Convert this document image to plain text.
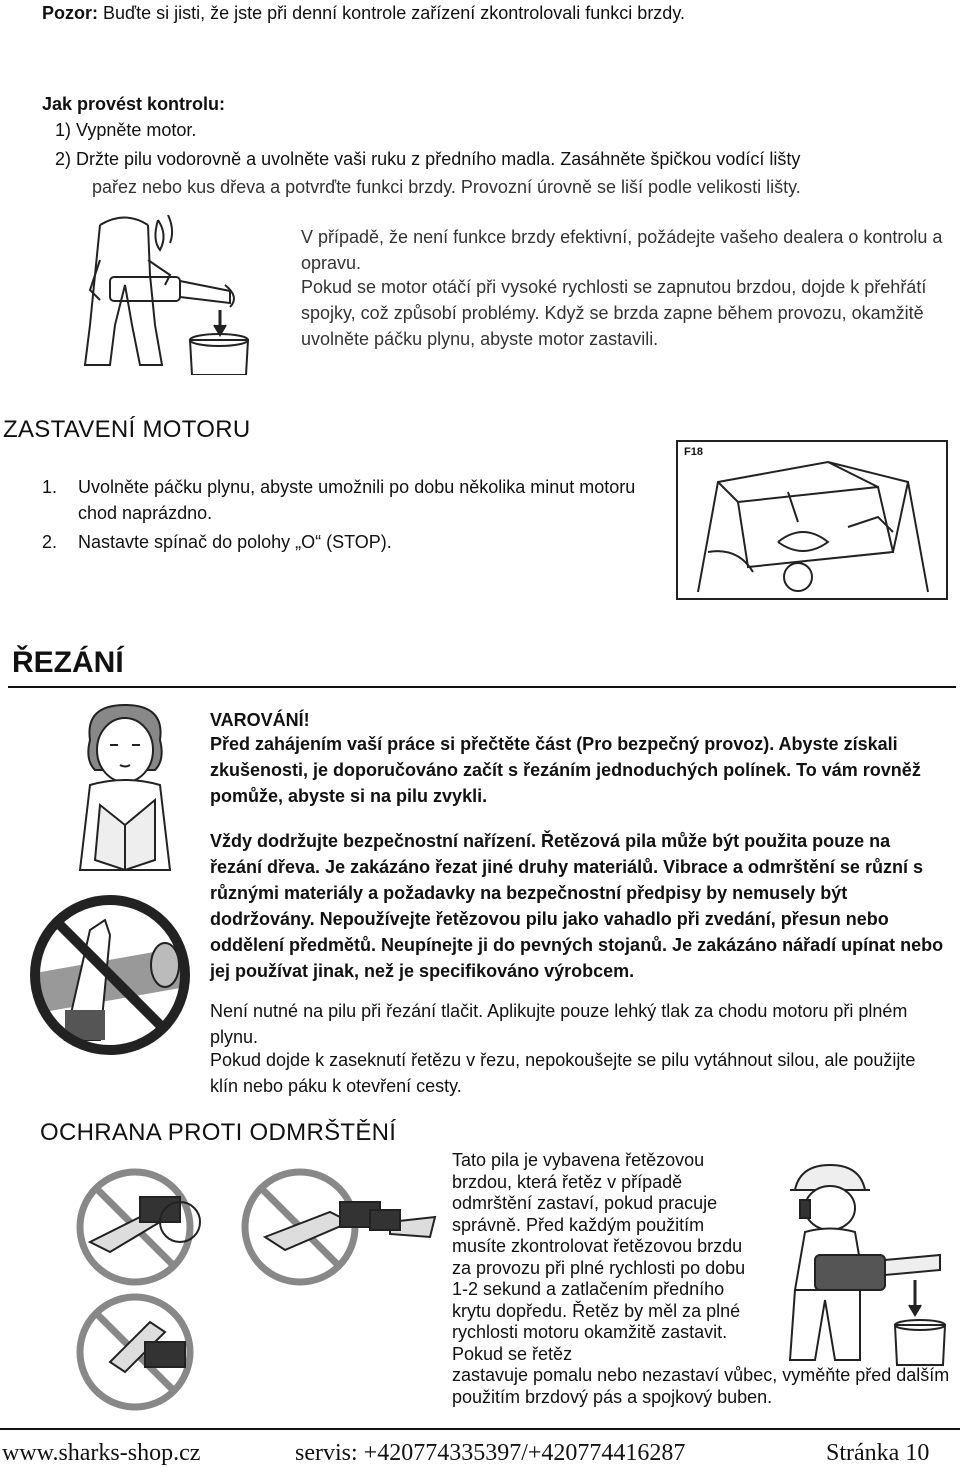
Pozor: Buďte si jisti, že jste při denní kontrole zařízení zkontrolovali funkci brzdy.
Jak provést kontrolu:
1) Vypněte motor.
2) Držte pilu vodorovně a uvolněte vaši ruku z předního madla. Zasáhněte špičkou vodící lišty
pařez nebo kus dřeva a potvrďte funkci brzdy. Provozní úrovně se liší podle velikosti lišty.
V případě, že není funkce brzdy efektivní, požádejte vašeho dealera o kontrolu a opravu.
Pokud se motor otáčí při vysoké rychlosti se zapnutou brzdou, dojde k přehřátí spojky, což způsobí problémy. Když se brzda zapne během provozu, okamžitě uvolněte páčku plynu, abyste motor zastavili.
ZASTAVENÍ MOTORU
1. Uvolněte páčku plynu, abyste umožnili po dobu několika minut motoru chod naprázdno.
2. Nastavte spínač do polohy „O“ (STOP).
F18
ŘEZÁNÍ
VAROVÁNÍ!

Před zahájením vaší práce si přečtěte část (Pro bezpečný provoz). Abyste získali zkušenosti, je doporučováno začít s řezáním jednoduchých polínek. To vám rovněž pomůže, abyste si na pilu zvykli.

Vždy dodržujte bezpečnostní nařízení. Řetězová pila může být použita pouze na řezání dřeva. Je zakázáno řezat jiné druhy materiálů. Vibrace a odmrštění se různí s různými materiály a požadavky na bezpečnostní předpisy by nemusely být dodržovány. Nepoužívejte řetězovou pilu jako vahadlo při zvedání, přesun nebo oddělení předmětů. Neupínejte ji do pevných stojanů. Je zakázáno nářadí upínat nebo jej používat jinak, než je specifikováno výrobcem.

Není nutné na pilu při řezání tlačit. Aplikujte pouze lehký tlak za chodu motoru při plném plynu.

Pokud dojde k zaseknutí řetězu v řezu, nepokoušejte se pilu vytáhnout silou, ale použijte klín nebo páku k otevření cesty.

OCHRANA PROTI ODMRŠTĚNÍ

Tato pila je vybavena řetězovou brzdou, která řetěz v případě odmrštění zastaví, pokud pracuje správně. Před každým použitím musíte zkontrolovat řetězovou brzdu za provozu při plné rychlosti po dobu 1-2 sekund a zatlačením předního krytu dopředu. Řetěz by měl za plné rychlosti motoru okamžitě zastavit. Pokud se řetěz

zastavuje pomalu nebo nezastaví vůbec, vyměňte před dalším použitím brzdový pás a spojkový buben.

www.sharks-shop.cz	servis: +420774335397/+420774416287	Stránka 10
